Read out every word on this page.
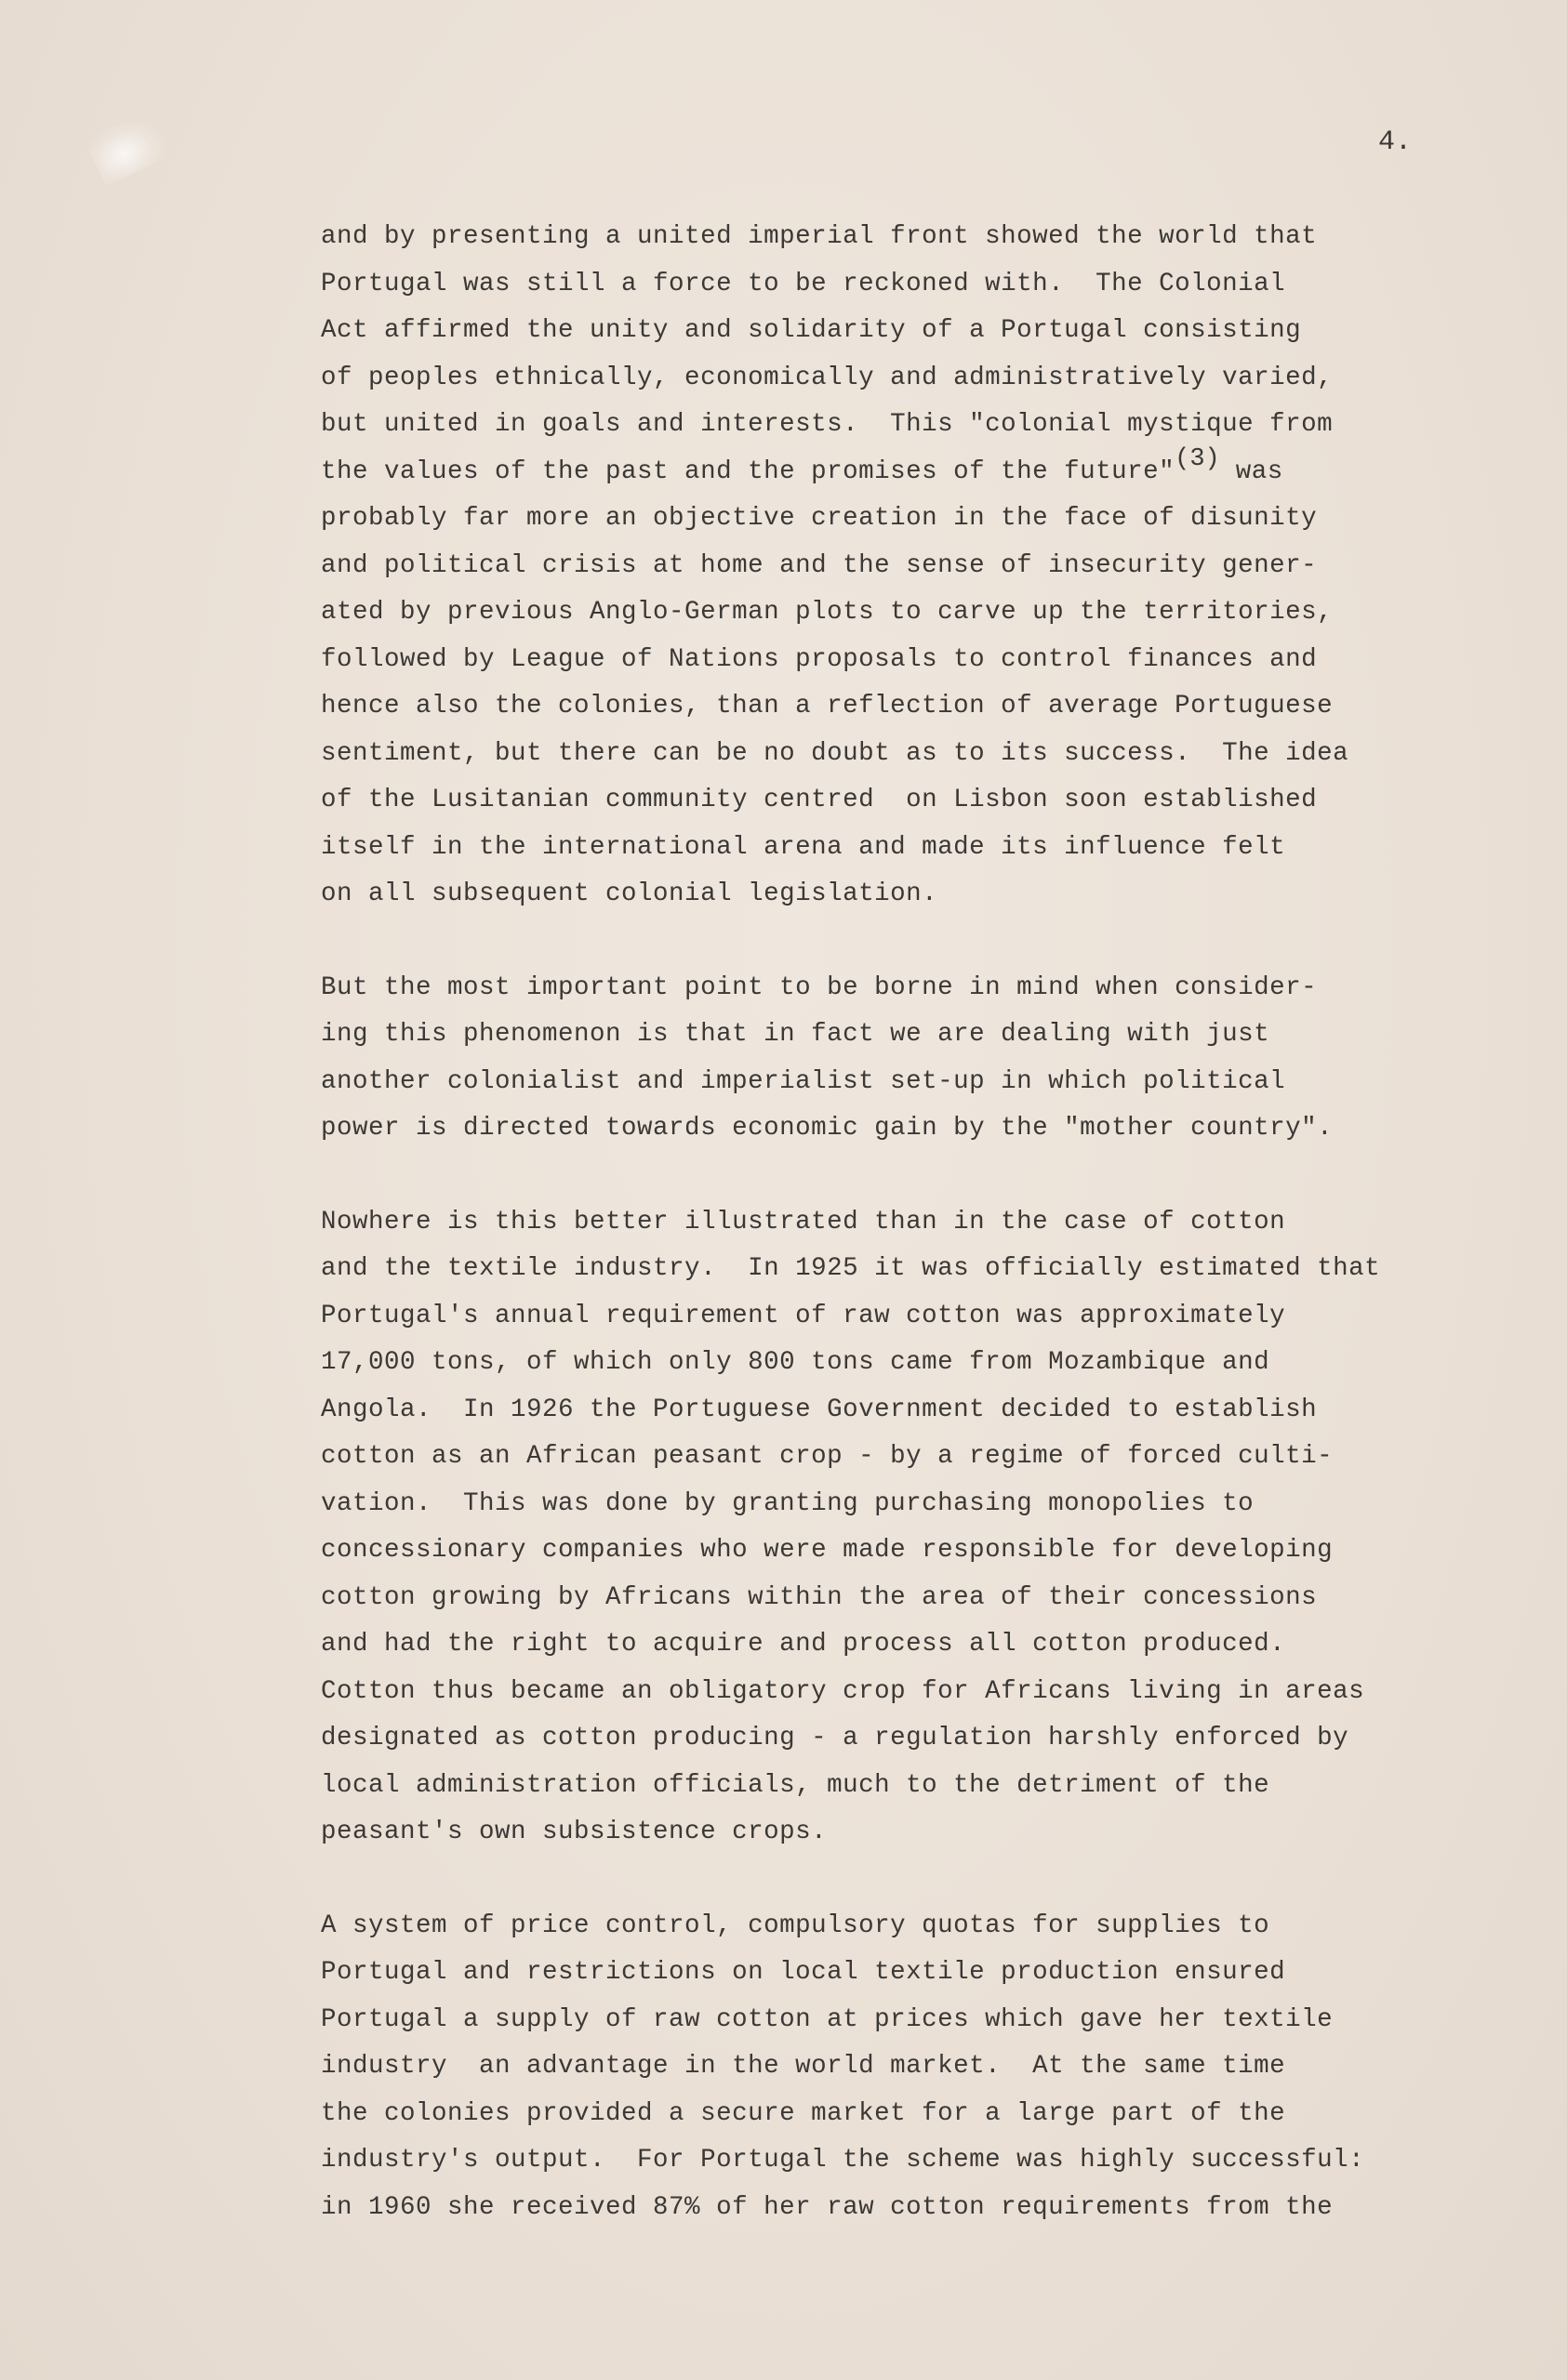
4.
and by presenting a united imperial front showed the world that
Portugal was still a force to be reckoned with.  The Colonial
Act affirmed the unity and solidarity of a Portugal consisting
of peoples ethnically, economically and administratively varied,
but united in goals and interests.  This "colonial mystique from
the values of the past and the promises of the future"(3) was
probably far more an objective creation in the face of disunity
and political crisis at home and the sense of insecurity gener-
ated by previous Anglo-German plots to carve up the territories,
followed by League of Nations proposals to control finances and
hence also the colonies, than a reflection of average Portuguese
sentiment, but there can be no doubt as to its success.  The idea
of the Lusitanian community centred  on Lisbon soon established
itself in the international arena and made its influence felt
on all subsequent colonial legislation.
But the most important point to be borne in mind when consider-
ing this phenomenon is that in fact we are dealing with just
another colonialist and imperialist set-up in which political
power is directed towards economic gain by the "mother country".
Nowhere is this better illustrated than in the case of cotton
and the textile industry.  In 1925 it was officially estimated that
Portugal's annual requirement of raw cotton was approximately
17,000 tons, of which only 800 tons came from Mozambique and
Angola.  In 1926 the Portuguese Government decided to establish
cotton as an African peasant crop - by a regime of forced culti-
vation.  This was done by granting purchasing monopolies to
concessionary companies who were made responsible for developing
cotton growing by Africans within the area of their concessions
and had the right to acquire and process all cotton produced.
Cotton thus became an obligatory crop for Africans living in areas
designated as cotton producing - a regulation harshly enforced by
local administration officials, much to the detriment of the
peasant's own subsistence crops.
A system of price control, compulsory quotas for supplies to
Portugal and restrictions on local textile production ensured
Portugal a supply of raw cotton at prices which gave her textile
industry  an advantage in the world market.  At the same time
the colonies provided a secure market for a large part of the
industry's output.  For Portugal the scheme was highly successful:
in 1960 she received 87% of her raw cotton requirements from the
